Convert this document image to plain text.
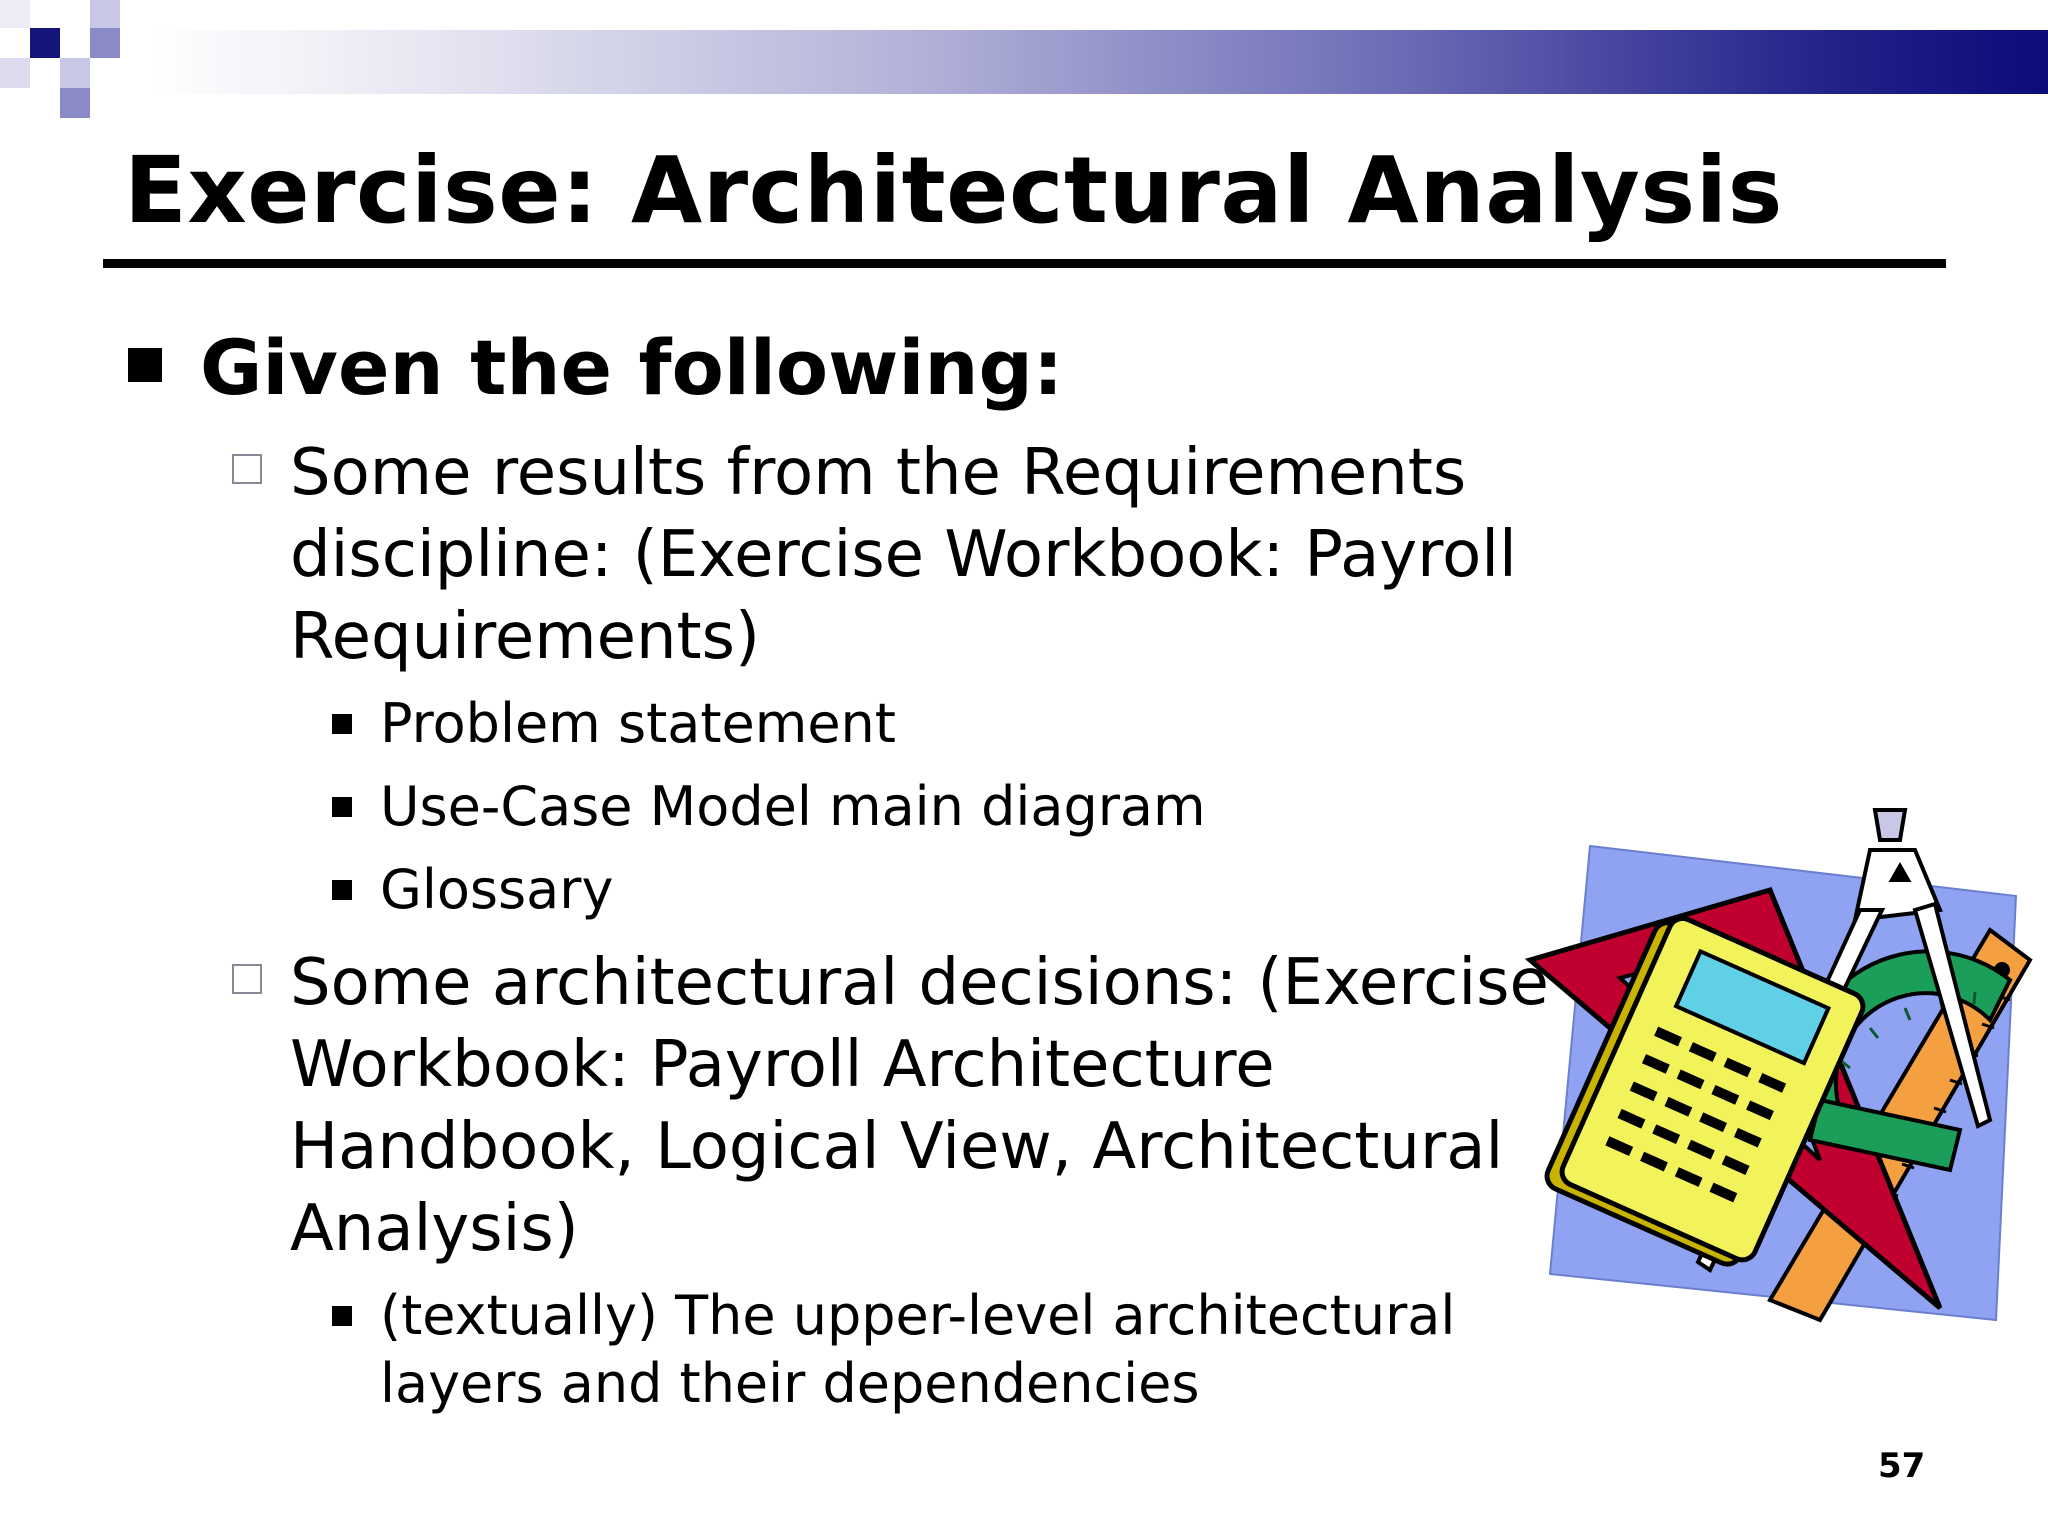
Exercise: Architectural Analysis
Given the following:
Some results from the Requirements
discipline: (Exercise Workbook: Payroll
Requirements)
Problem statement
Use-Case Model main diagram
Glossary
Some architectural decisions: (Exercise
Workbook: Payroll Architecture
Handbook, Logical View, Architectural
Analysis)
(textually) The upper-level architectural
layers and their dependencies
57
